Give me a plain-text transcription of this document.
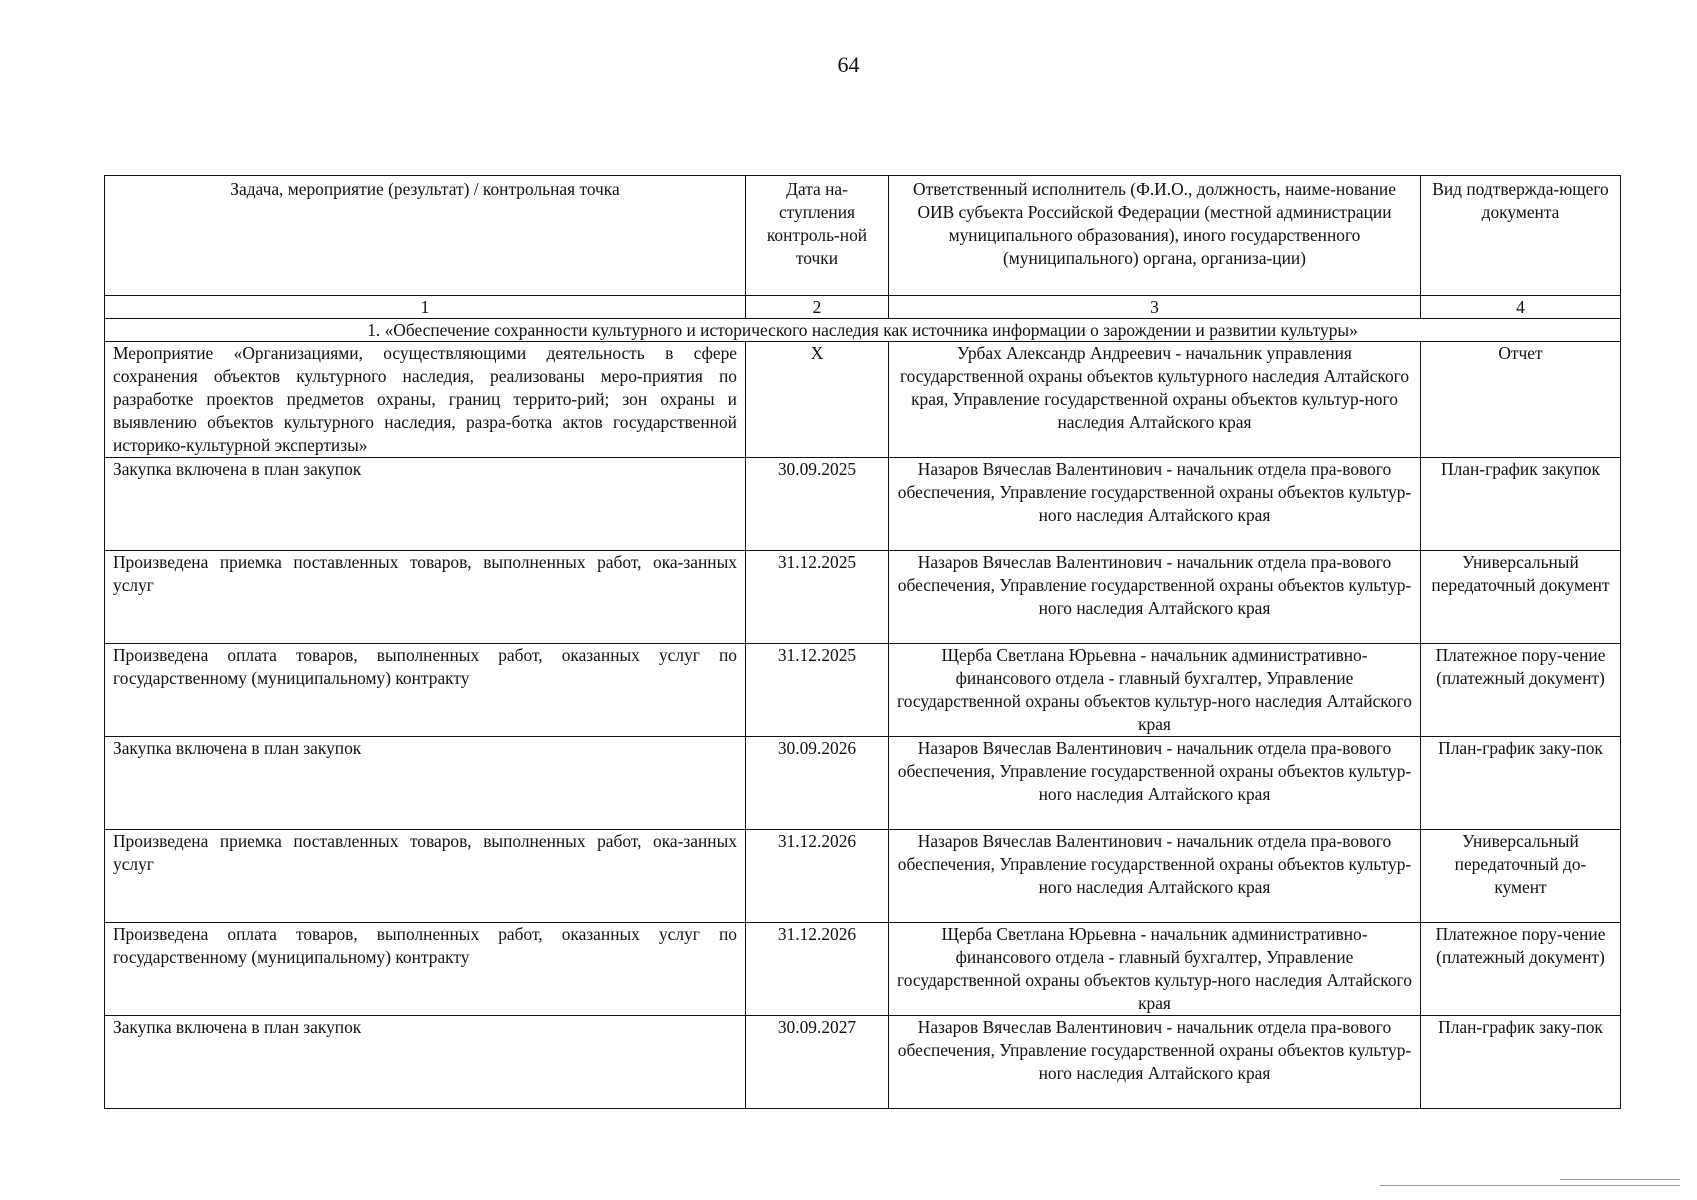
64
Задача, мероприятие (результат) / контрольная точка	Дата на-ступления контроль-ной точки	Ответственный исполнитель (Ф.И.О., должность, наиме-нование ОИВ субъекта Российской Федерации (местной администрации муниципального образования), иного государственного (муниципального) органа, организа-ции)	Вид подтвержда-ющего документа
1	2	3	4
1. «Обеспечение сохранности культурного и исторического наследия как источника информации о зарождении и развитии культуры»			
Мероприятие «Организациями, осуществляющими деятельность в сфере сохранения объектов культурного наследия, реализованы меро-приятия по разработке проектов предметов охраны, границ террито-рий; зон охраны и выявлению объектов культурного наследия, разра-ботка актов государственной историко-культурной экспертизы»	X	Урбах Александр Андреевич - начальник управления государственной охраны объектов культурного наследия Алтайского края, Управление государственной охраны объектов культур-ного наследия Алтайского края	Отчет
Закупка включена в план закупок	30.09.2025	Назаров Вячеслав Валентинович - начальник отдела пра-вового обеспечения, Управление государственной охраны объектов культур-ного наследия Алтайского края	План-график закупок
Произведена приемка поставленных товаров, выполненных работ, ока-занных услуг	31.12.2025	Назаров Вячеслав Валентинович - начальник отдела пра-вового обеспечения, Управление государственной охраны объектов культур-ного наследия Алтайского края	Универсальный передаточный документ
Произведена оплата товаров, выполненных работ, оказанных услуг по государственному (муниципальному) контракту	31.12.2025	Щерба Светлана Юрьевна - начальник административно-финансового отдела - главный бухгалтер, Управление государственной охраны объектов культур-ного наследия Алтайского края	Платежное пору-чение (платежный документ)
Закупка включена в план закупок	30.09.2026	Назаров Вячеслав Валентинович - начальник отдела пра-вового обеспечения, Управление государственной охраны объектов культур-ного наследия Алтайского края	План-график заку-пок
Произведена приемка поставленных товаров, выполненных работ, ока-занных услуг	31.12.2026	Назаров Вячеслав Валентинович - начальник отдела пра-вового обеспечения, Управление государственной охраны объектов культур-ного наследия Алтайского края	Универсальный передаточный до-кумент
Произведена оплата товаров, выполненных работ, оказанных услуг по государственному (муниципальному) контракту	31.12.2026	Щерба Светлана Юрьевна - начальник административно-финансового отдела - главный бухгалтер, Управление государственной охраны объектов культур-ного наследия Алтайского края	Платежное пору-чение (платежный документ)
Закупка включена в план закупок	30.09.2027	Назаров Вячеслав Валентинович - начальник отдела пра-вового обеспечения, Управление государственной охраны объектов культур-ного наследия Алтайского края	План-график заку-пок
